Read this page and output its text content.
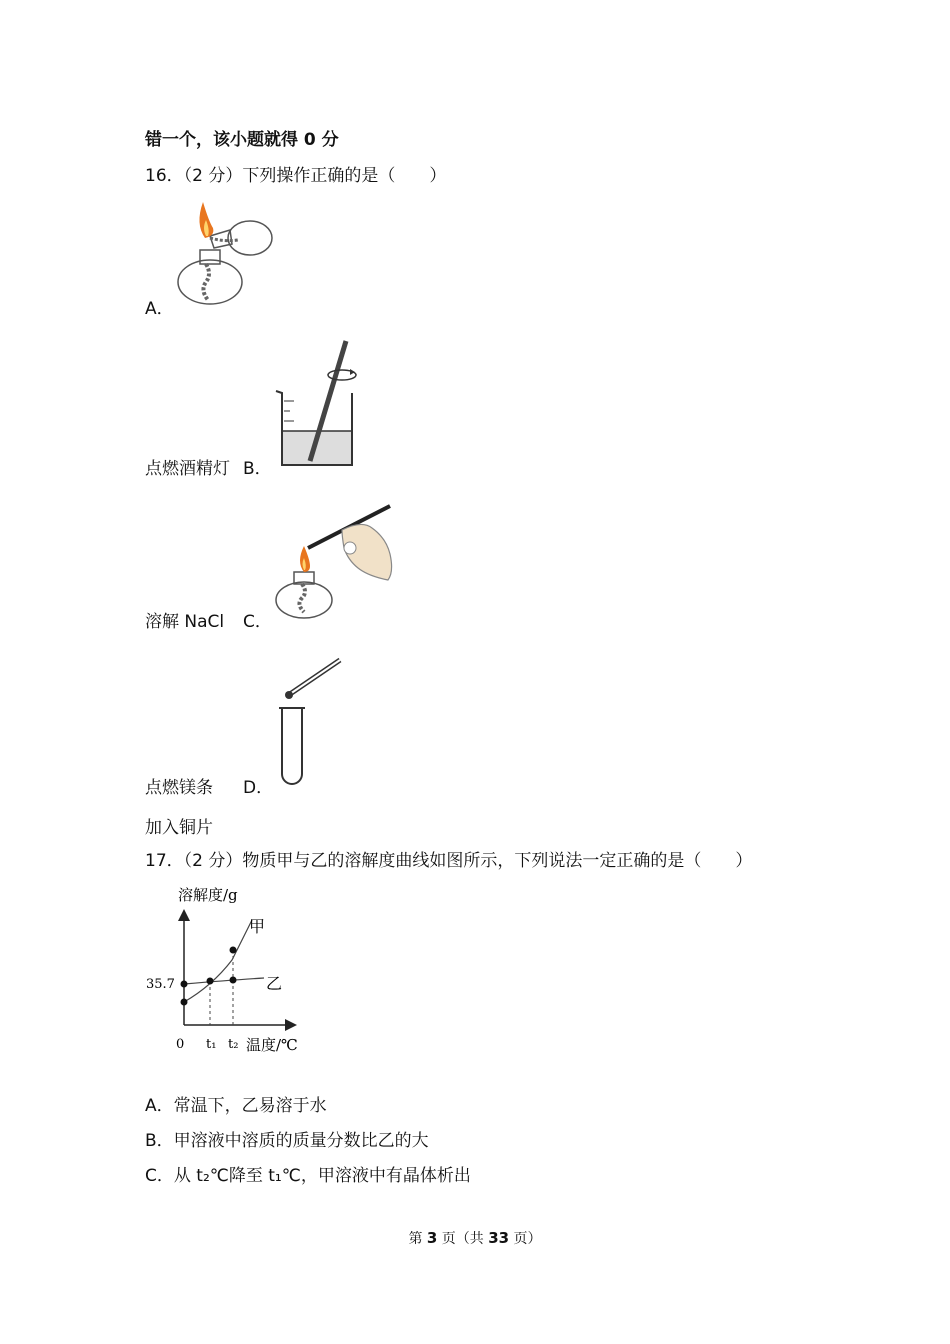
错一个，该小题就得 0 分
16．（2 分）下列操作正确的是（　　）
A．
点燃酒精灯 B．
溶解 NaCl C．
点燃镁条 D．
加入铜片
17．（2 分）物质甲与乙的溶解度曲线如图所示，下列说法一定正确的是（　　）
溶解度/g
甲
乙
35.7
0 t₁ t₂ 温度/℃
A．常温下，乙易溶于水
B．甲溶液中溶质的质量分数比乙的大
C．从 t₂℃降至 t₁℃，甲溶液中有晶体析出
第 3 页（共 33 页）
